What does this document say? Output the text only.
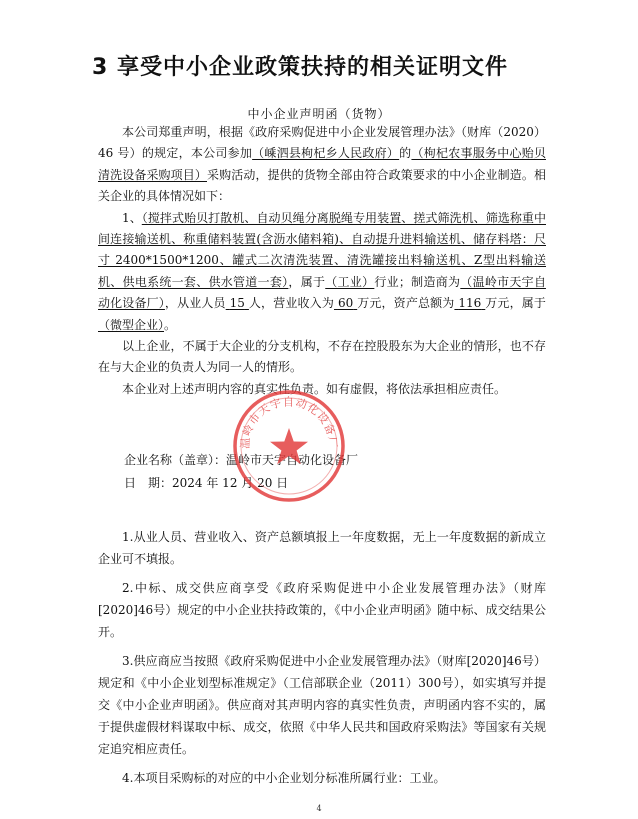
3 享受中小企业政策扶持的相关证明文件
中小企业声明函（货物）

本公司郑重声明，根据《政府采购促进中小企业发展管理办法》（财库（2020）46 号）的规定，本公司参加（嵊泗县枸杞乡人民政府）的（枸杞农事服务中心贻贝清洗设备采购项目）采购活动，提供的货物全部由符合政策要求的中小企业制造。相关企业的具体情况如下：

1、（搅拌式贻贝打散机、自动贝绳分离脱绳专用装置、搓式筛洗机、筛选称重中间连接输送机、称重储料装置(含沥水储料箱)、自动提升进料输送机、储存料塔：尺寸 2400*1500*1200、罐式二次清洗装置、清洗罐接出料输送机、Z型出料输送机、供电系统一套、供水管道一套），属于（工业）行业；制造商为（温岭市天宇自动化设备厂），从业人员 15 人，营业收入为 60 万元，资产总额为 116 万元，属于（微型企业）。

以上企业，不属于大企业的分支机构，不存在控股股东为大企业的情形，也不存在与大企业的负责人为同一人的情形。

本企业对上述声明内容的真实性负责。如有虚假，将依法承担相应责任。

企业名称（盖章）：温岭市天宇自动化设备厂
日　期：2024 年 12 月 20 日
温岭市天宇自动化设备厂

1.从业人员、营业收入、资产总额填报上一年度数据，无上一年度数据的新成立企业可不填报。

2.中标、成交供应商享受《政府采购促进中小企业发展管理办法》（财库[2020]46号）规定的中小企业扶持政策的，《中小企业声明函》随中标、成交结果公开。

3.供应商应当按照《政府采购促进中小企业发展管理办法》（财库[2020]46号）规定和《中小企业划型标准规定》（工信部联企业（2011）300号），如实填写并提交《中小企业声明函》。供应商对其声明内容的真实性负责，声明函内容不实的，属于提供虚假材料谋取中标、成交，依照《中华人民共和国政府采购法》等国家有关规定追究相应责任。

4.本项目采购标的对应的中小企业划分标准所属行业：工业。

4
